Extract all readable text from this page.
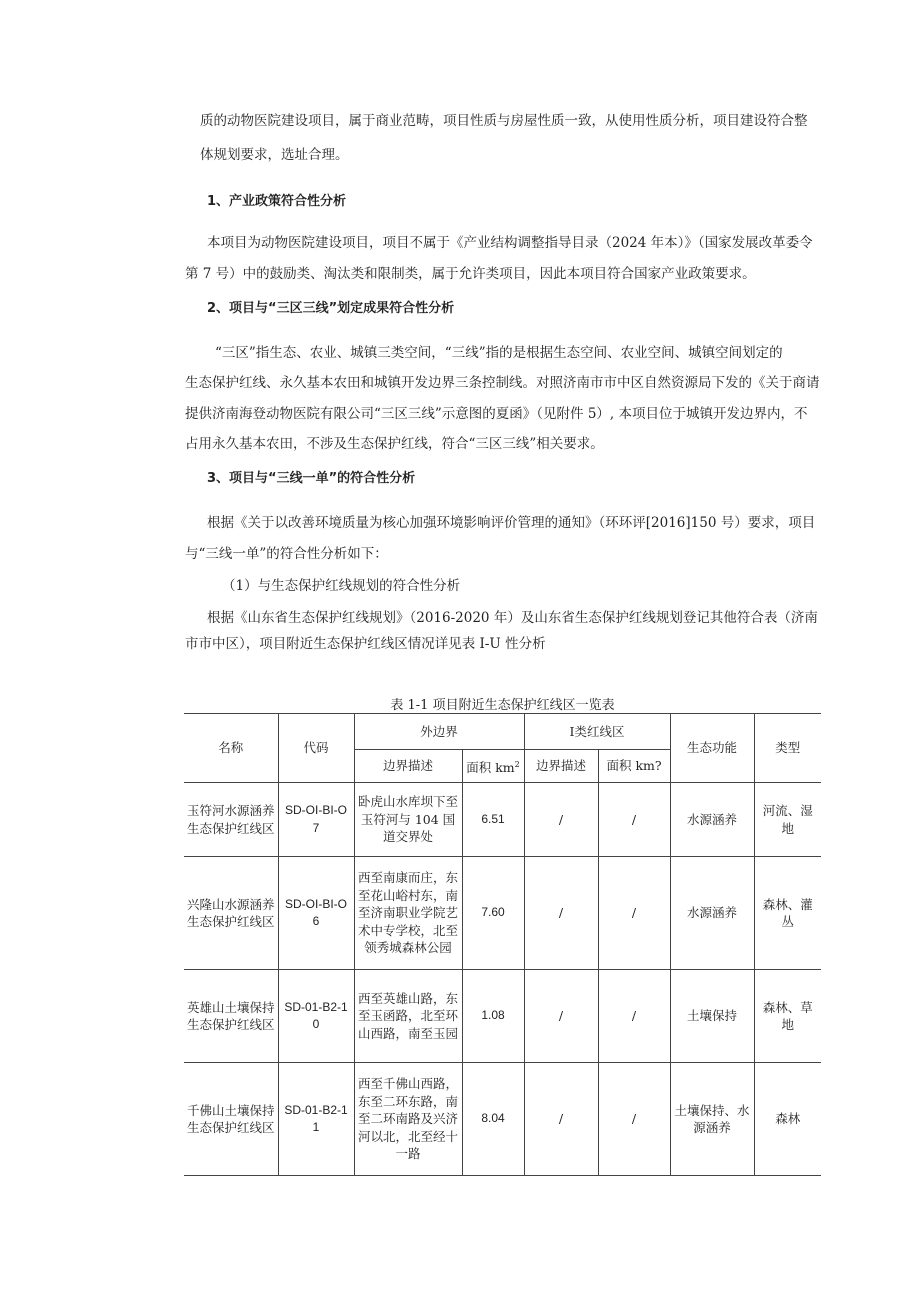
质的动物医院建设项目，属于商业范畴，项目性质与房屋性质一致，从使用性质分析，项目建设符合整

体规划要求，选址合理。

1、产业政策符合性分析

本项目为动物医院建设项目，项目不属于《产业结构调整指导目录（2024 年本）》（国家发展改革委令

第 7 号）中的鼓励类、淘汰类和限制类，属于允许类项目，因此本项目符合国家产业政策要求。

2、项目与“三区三线”划定成果符合性分析

“三区”指生态、农业、城镇三类空间，“三线”指的是根据生态空间、农业空间、城镇空间划定的

生态保护红线、永久基本农田和城镇开发边界三条控制线。对照济南市市中区自然资源局下发的《关于商请

提供济南海登动物医院有限公司“三区三线”示意图的夏函》（见附件 5）, 本项目位于城镇开发边界内，不

占用永久基本农田，不涉及生态保护红线，符合“三区三线”相关要求。

3、项目与“三线一单”的符合性分析

根据《关于以改善环境质量为核心加强环境影响评价管理的通知》（环环评[2016]150 号）要求，项目

与“三线一单”的符合性分析如下：

（1）与生态保护红线规划的符合性分析

根据《山东省生态保护红线规划》（2016-2020 年）及山东省生态保护红线规划登记其他符合表（济南

市市中区），项目附近生态保护红线区情况详见表 I-U 性分析

表 1-1 项目附近生态保护红线区一览表
名称	代码	外边界		Ⅰ类红线区		生态功能	类型
		边界描述	面积 $km^2$	边界描述	面积 km?		
玉符河水源涵养生态保护红线区	SD-OI-BI-O 7	卧虎山水库坝下至玉符河与 104 国道交界处	6.51	/	/	水源涵养	河流、湿地
兴隆山水源涵养生态保护红线区	SD-OI-BI-O 6	西至南康而庄，东至花山峪村东，南至济南职业学院艺术中专学校，北至领秀城森林公园	7.60	/	/	水源涵养	森林、灌丛
英雄山土壤保持生态保护红线区	SD-01-B2-1 0	西至英雄山路，东至玉函路，北至环山西路，南至玉园	1.08	/	/	土壤保持	森林、草地
千佛山土壤保持生态保护红线区	SD-01-B2-1 1	西至千佛山西路，东至二环东路，南至二环南路及兴济河以北，北至经十一路	8.04	/	/	土壤保持、水源涵养	森林
